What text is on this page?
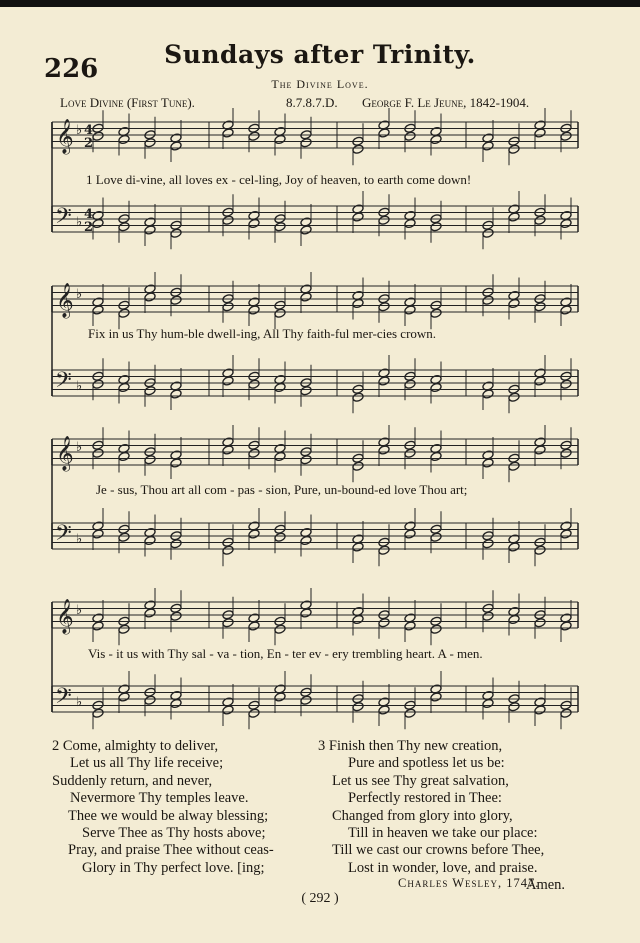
226	Sundays after Trinity.
The Divine Love.
Love Divine (First Tune).	8.7.8.7.D. George F. Le Jeune, 1842-1904.
𝄞 ♭ 4
2
𝄢 ♭
4
2
1 Love di-vine, all loves ex - cel-ling, Joy of heaven, to earth come down!
𝄞 ♭
𝄢 ♭
Fix in us Thy hum-ble dwell-ing, All Thy faith-ful mer-cies crown.
𝄞 ♭
𝄢 ♭
Je - sus, Thou art all com - pas - sion, Pure, un-bound-ed love Thou art;
𝄞 ♭
𝄢 ♭
Vis - it us with Thy sal - va - tion, En - ter ev - ery trembling heart. A - men.
2 Come, almighty to deliver,
Let us all Thy life receive;
Suddenly return, and never,
Nevermore Thy temples leave.
Thee we would be alway blessing;
Serve Thee as Thy hosts above;
Pray, and praise Thee without ceas-
Glory in Thy perfect love. [ing;
3 Finish then Thy new creation,
Pure and spotless let us be:
Let us see Thy great salvation,
Perfectly restored in Thee:
Changed from glory into glory,
Till in heaven we take our place:
Till we cast our crowns before Thee,
Lost in wonder, love, and praise.
Amen.
Charles Wesley, 1747.
( 292 )
